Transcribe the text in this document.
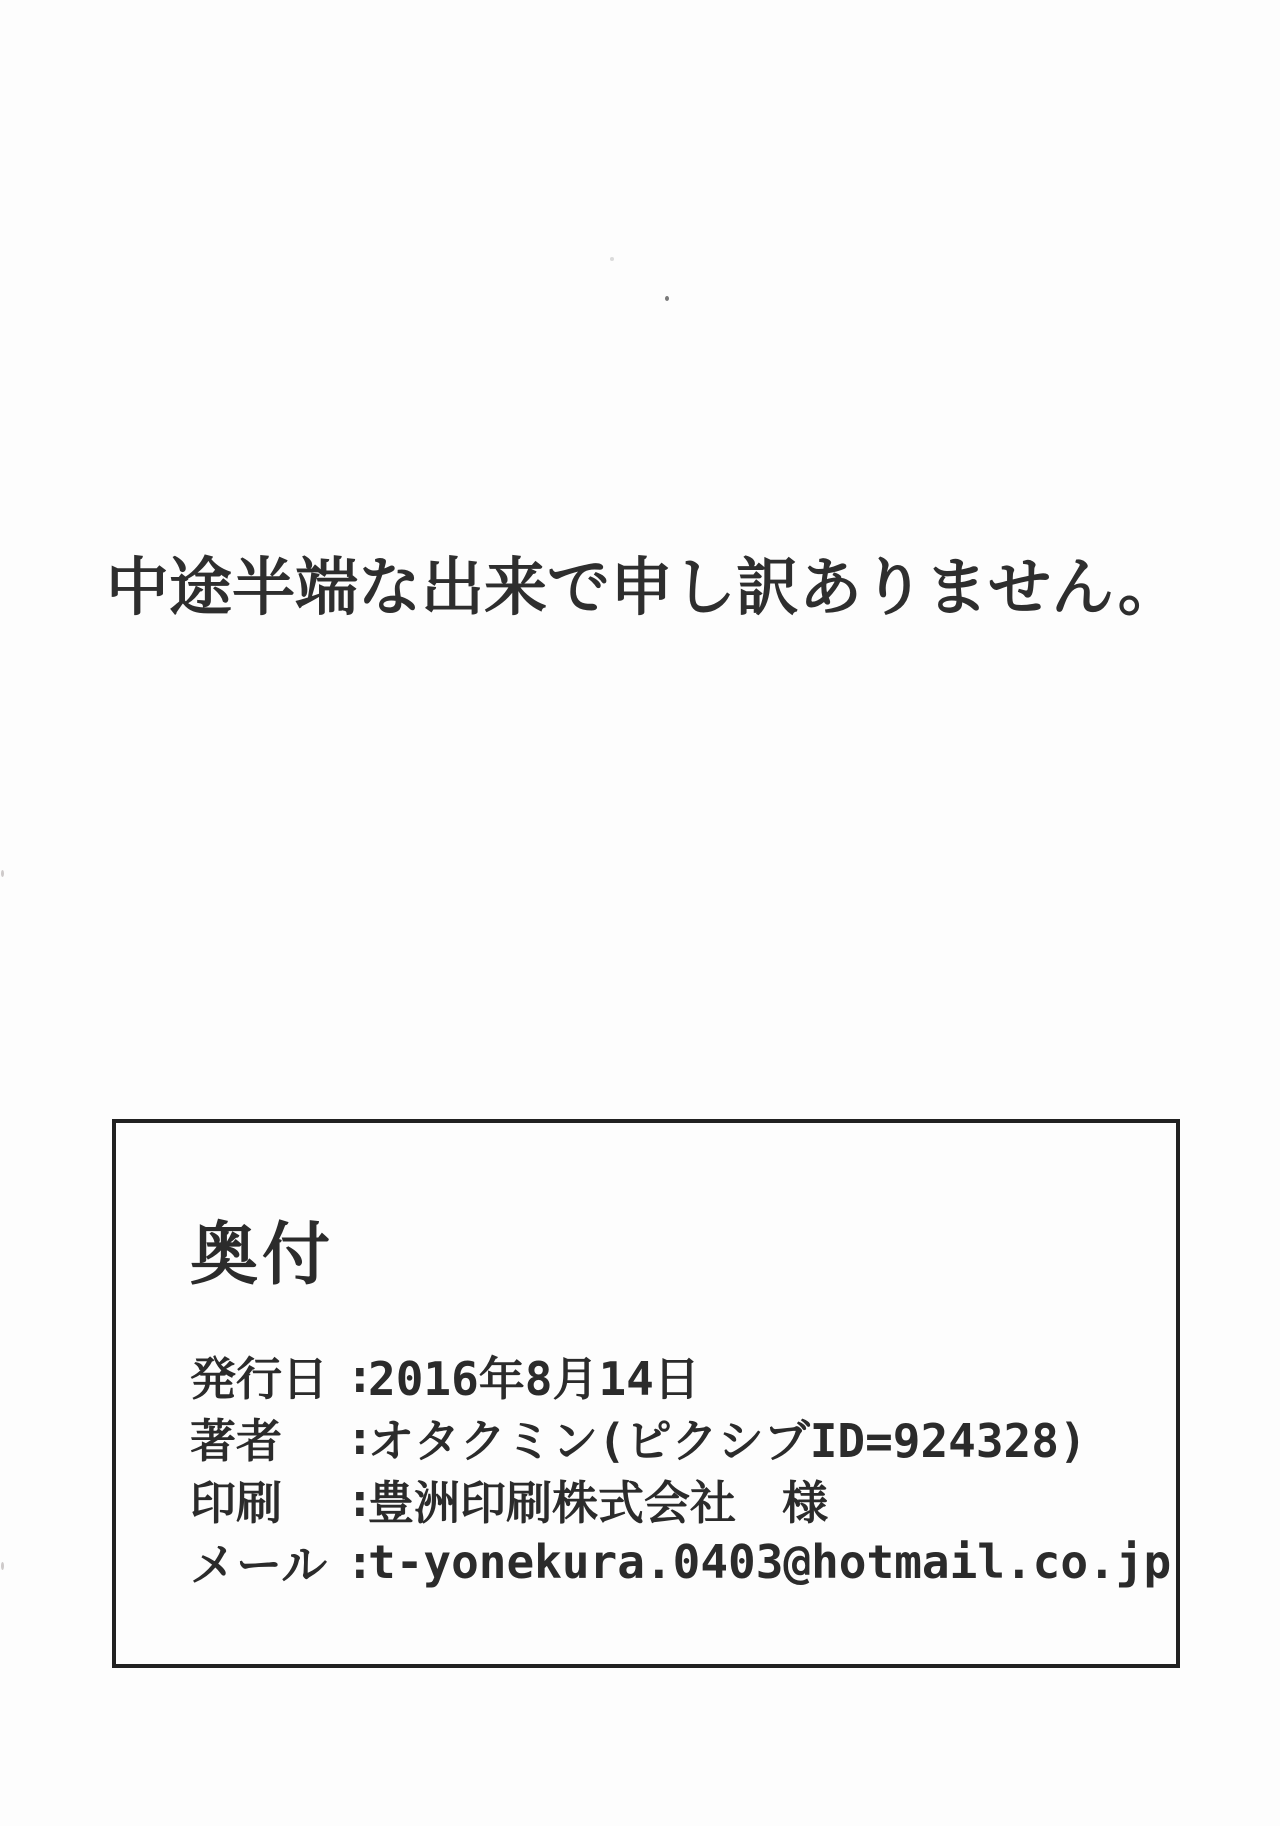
中途半端な出来で申し訳ありません。
奥付
発行日 :
2016年8月14日
著者	:
オタクミン(ピクシブID=924328)
印刷	:
豊洲印刷株式会社　様
メール :
t-yonekura.0403@hotmail.co.jp
